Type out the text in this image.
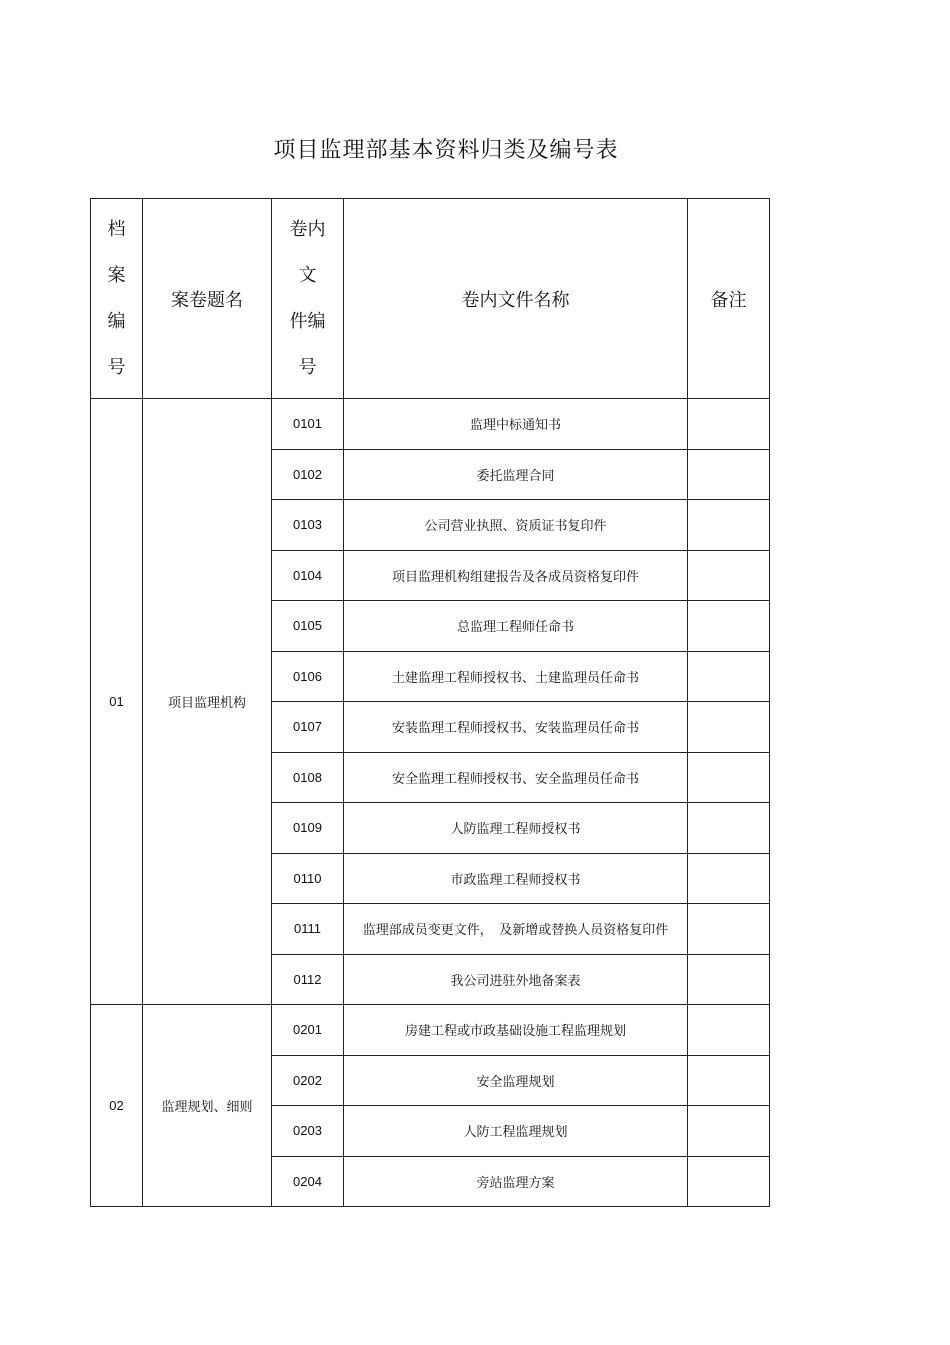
项目监理部基本资料归类及编号表
档
案
编
号	案卷题名	卷内
文
件编
号	卷内文件名称	备注
01	项目监理机构	0101	监理中标通知书	
		0102	委托监理合同	
		0103	公司营业执照、资质证书复印件	
		0104	项目监理机构组建报告及各成员资格复印件	
		0105	总监理工程师任命书	
		0106	土建监理工程师授权书、土建监理员任命书	
		0107	安装监理工程师授权书、安装监理员任命书	
		0108	安全监理工程师授权书、安全监理员任命书	
		0109	人防监理工程师授权书	
		0110	市政监理工程师授权书	
		0111	监理部成员变更文件，　及新增或替换人员资格复印件	
		0112	我公司进驻外地备案表	
02	监理规划、细则	0201	房建工程或市政基础设施工程监理规划	
		0202	安全监理规划	
		0203	人防工程监理规划	
		0204	旁站监理方案	
